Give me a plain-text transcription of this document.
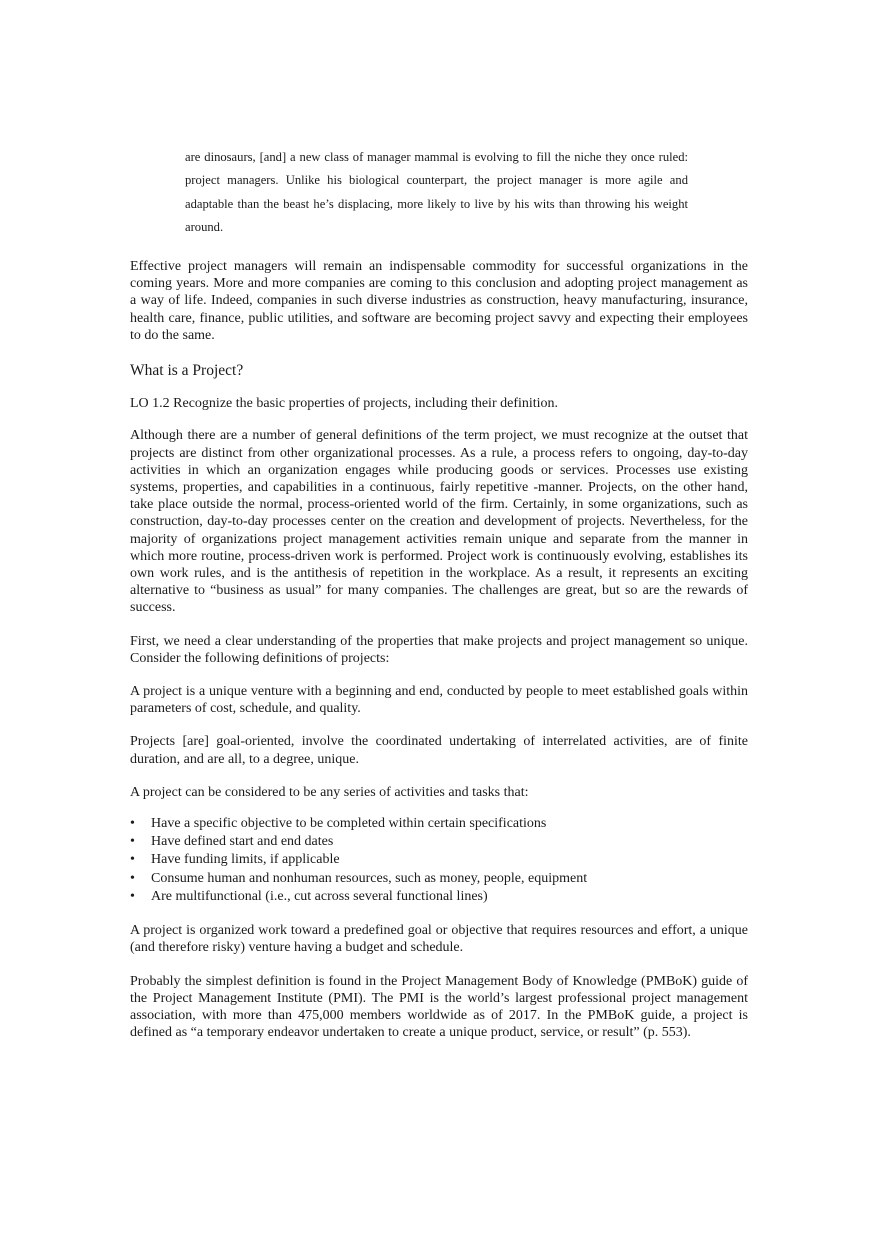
are dinosaurs, [and] a new class of manager mammal is evolving to fill the niche they once ruled: project managers. Unlike his biological counterpart, the project manager is more agile and adaptable than the beast he’s displacing, more likely to live by his wits than throwing his weight around.

Effective project managers will remain an indispensable commodity for successful organizations in the coming years. More and more companies are coming to this conclusion and adopting project management as a way of life. Indeed, companies in such diverse industries as construction, heavy manufacturing, insurance, health care, finance, public utilities, and software are becoming project savvy and expecting their employees to do the same.

What is a Project?

LO 1.2 Recognize the basic properties of projects, including their definition.

Although there are a number of general definitions of the term project, we must recognize at the outset that projects are distinct from other organizational processes. As a rule, a process refers to ongoing, day-to-day activities in which an organization engages while producing goods or services. Processes use existing systems, properties, and capabilities in a continuous, fairly repetitive -manner. Projects, on the other hand, take place outside the normal, process-oriented world of the firm. Certainly, in some organizations, such as construction, day-to-day processes center on the creation and development of projects. Nevertheless, for the majority of organizations project management activities remain unique and separate from the manner in which more routine, process-driven work is performed. Project work is continuously evolving, establishes its own work rules, and is the antithesis of repetition in the workplace. As a result, it represents an exciting alternative to “business as usual” for many companies. The challenges are great, but so are the rewards of success.

First, we need a clear understanding of the properties that make projects and project management so unique. Consider the following definitions of projects:

A project is a unique venture with a beginning and end, conducted by people to meet established goals within parameters of cost, schedule, and quality.

Projects [are] goal-oriented, involve the coordinated undertaking of interrelated activities, are of finite duration, and are all, to a degree, unique.

A project can be considered to be any series of activities and tasks that:

• Have a specific objective to be completed within certain specifications
• Have defined start and end dates
• Have funding limits, if applicable
• Consume human and nonhuman resources, such as money, people, equipment
• Are multifunctional (i.e., cut across several functional lines)

A project is organized work toward a predefined goal or objective that requires resources and effort, a unique (and therefore risky) venture having a budget and schedule.

Probably the simplest definition is found in the Project Management Body of Knowledge (PMBoK) guide of the Project Management Institute (PMI). The PMI is the world’s largest professional project management association, with more than 475,000 members worldwide as of 2017. In the PMBoK guide, a project is defined as “a temporary endeavor undertaken to create a unique product, service, or result” (p. 553).
